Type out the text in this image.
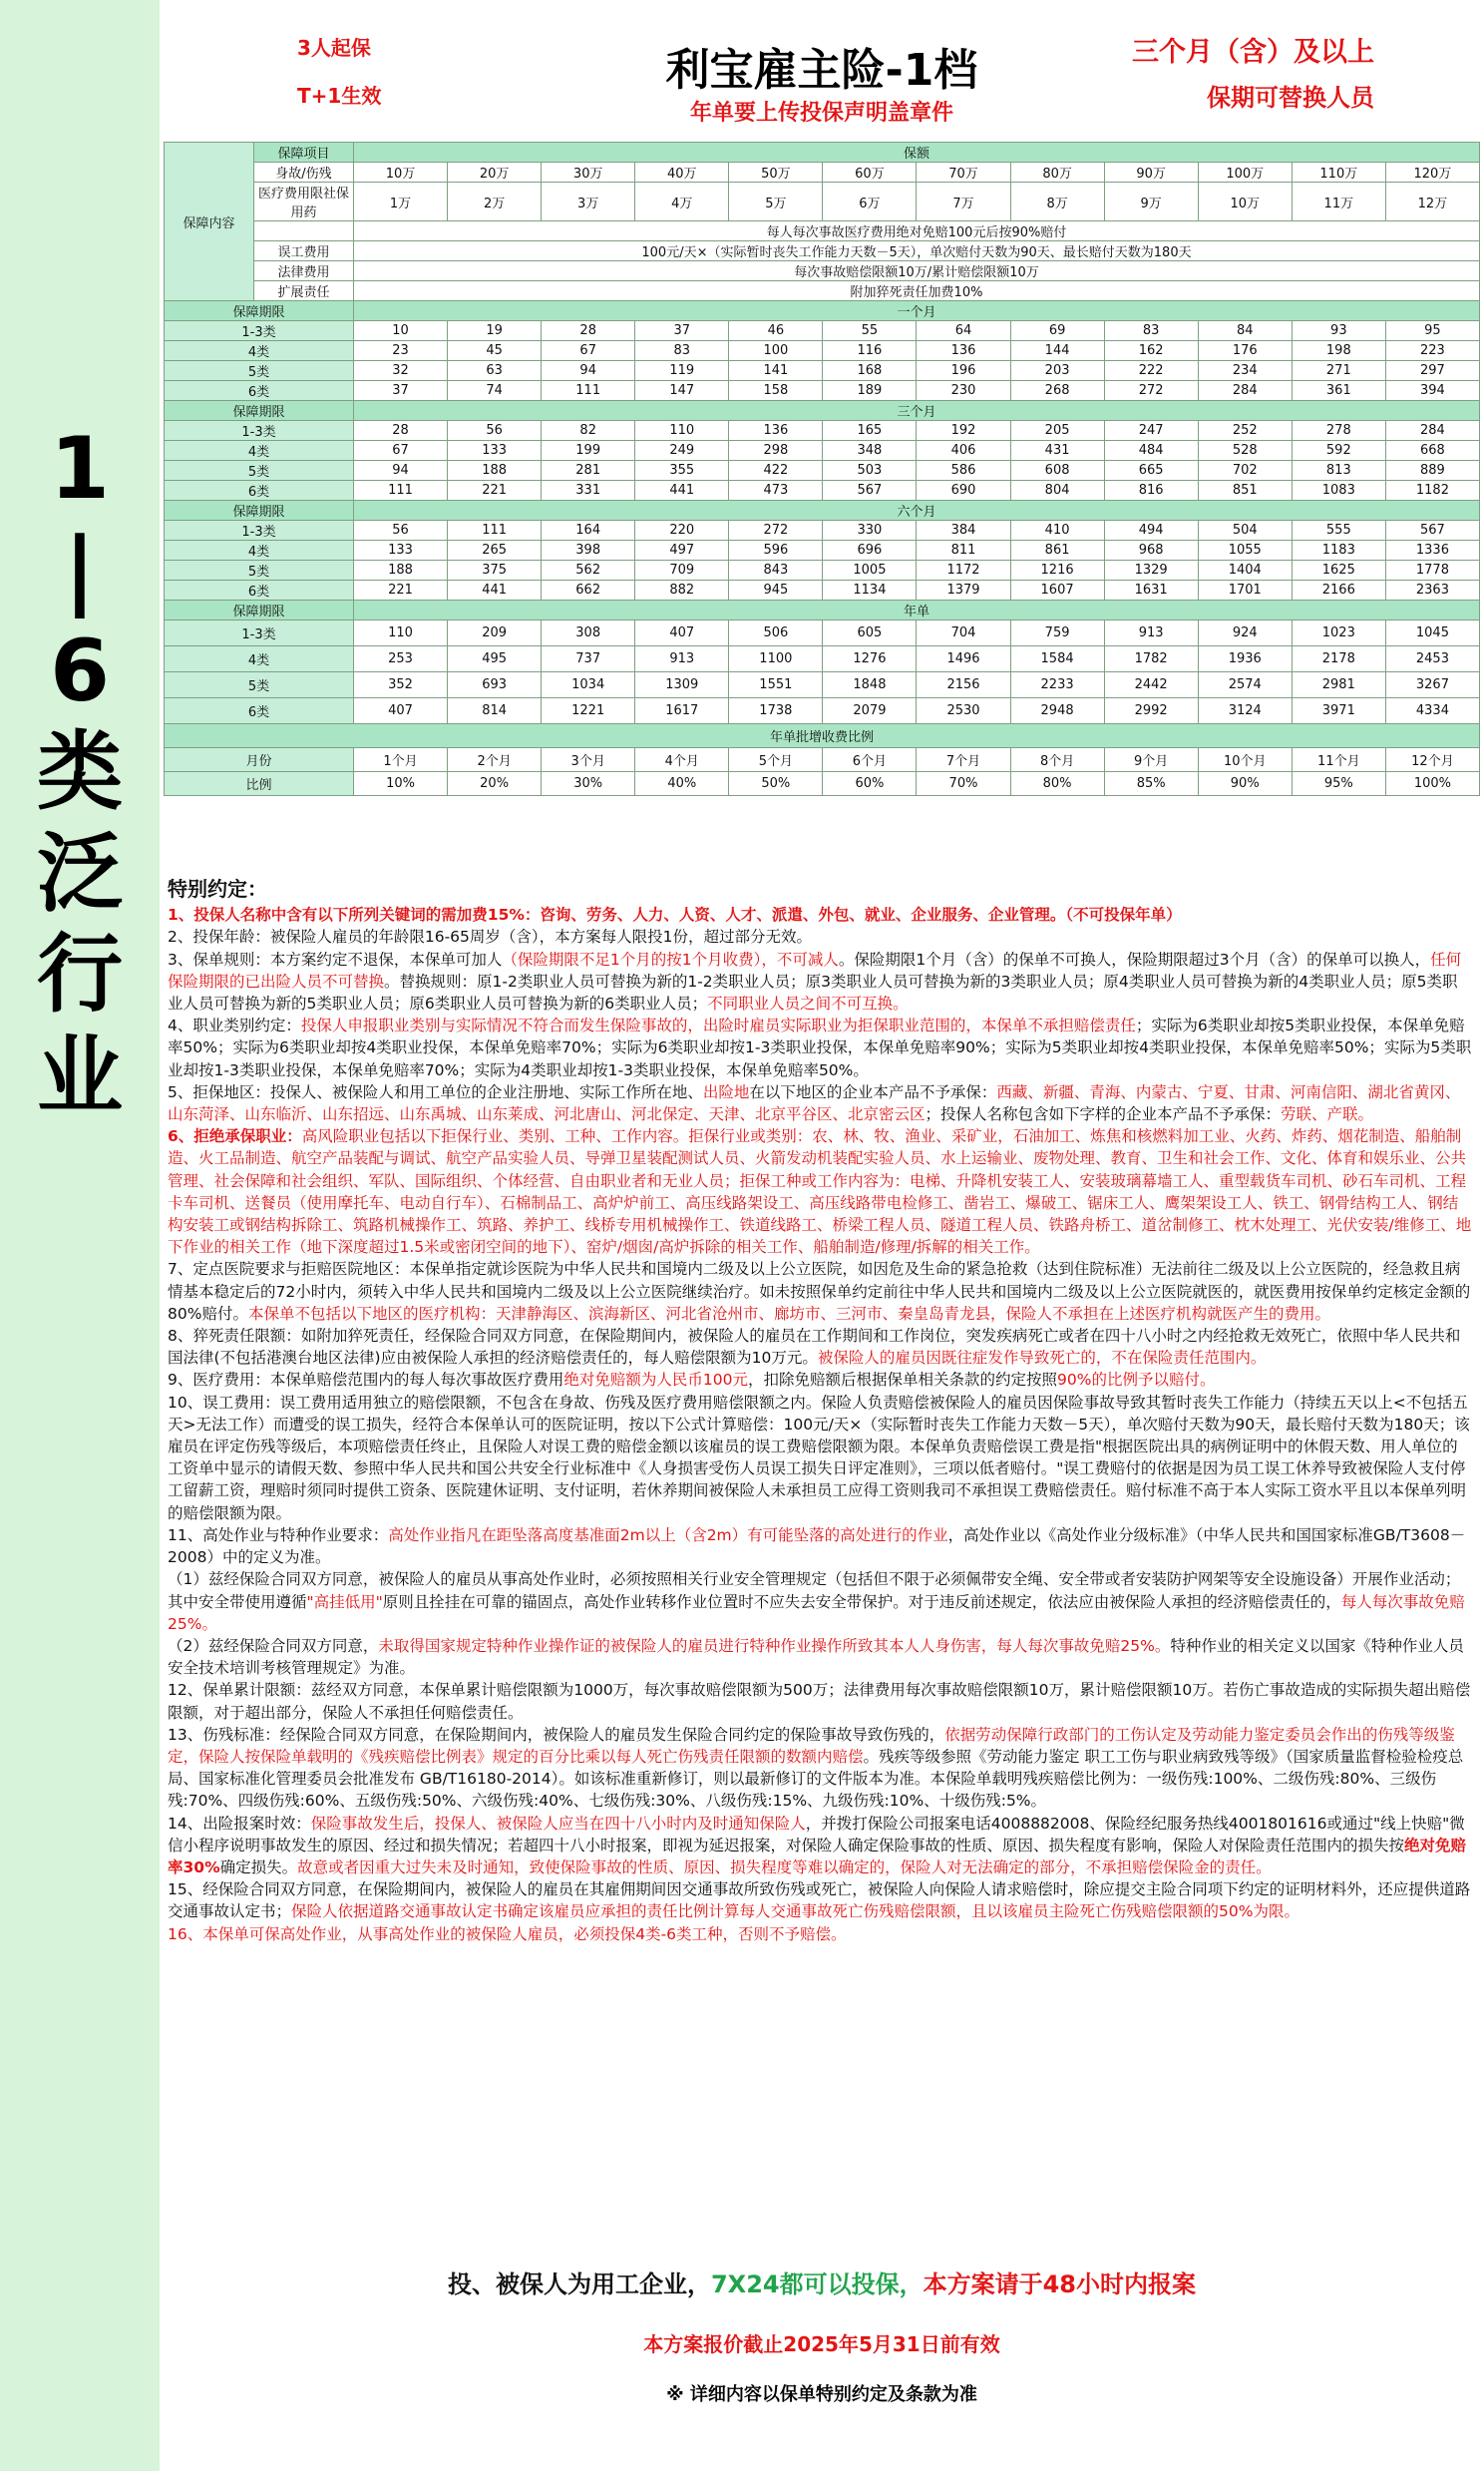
3人起保
T+1生效	利宝雇主险-1档
年单要上传投保声明盖章件
三个月（含）及以上
保期可替换人员
1
|
6
类
泛
行
业
保障内容	保障项目	保额											
	身故/伤残	10万	20万	30万	40万	50万	60万	70万	80万	90万	100万	110万	120万
	医疗费用限社保用药	1万	2万	3万	4万	5万	6万	7万	8万	9万	10万	11万	12万
		每人每次事故医疗费用绝对免赔100元后按90%赔付											
	误工费用	100元/天×（实际暂时丧失工作能力天数－5天），单次赔付天数为90天、最长赔付天数为180天											
	法律费用	每次事故赔偿限额10万/累计赔偿限额10万											
	扩展责任	附加猝死责任加费10%											
保障期限		一个月											
1-3类		10	19	28	37	46	55	64	69	83	84	93	95
4类		23	45	67	83	100	116	136	144	162	176	198	223
5类		32	63	94	119	141	168	196	203	222	234	271	297
6类		37	74	111	147	158	189	230	268	272	284	361	394
保障期限		三个月											
1-3类		28	56	82	110	136	165	192	205	247	252	278	284
4类		67	133	199	249	298	348	406	431	484	528	592	668
5类		94	188	281	355	422	503	586	608	665	702	813	889
6类		111	221	331	441	473	567	690	804	816	851	1083	1182
保障期限		六个月											
1-3类		56	111	164	220	272	330	384	410	494	504	555	567
4类		133	265	398	497	596	696	811	861	968	1055	1183	1336
5类		188	375	562	709	843	1005	1172	1216	1329	1404	1625	1778
6类		221	441	662	882	945	1134	1379	1607	1631	1701	2166	2363
保障期限		年单											
1-3类		110	209	308	407	506	605	704	759	913	924	1023	1045
4类		253	495	737	913	1100	1276	1496	1584	1782	1936	2178	2453
5类		352	693	1034	1309	1551	1848	2156	2233	2442	2574	2981	3267
6类		407	814	1221	1617	1738	2079	2530	2948	2992	3124	3971	4334
年单批增收费比例													
月份		1个月	2个月	3个月	4个月	5个月	6个月	7个月	8个月	9个月	10个月	11个月	12个月
比例		10%	20%	30%	40%	50%	60%	70%	80%	85%	90%	95%	100%

特别约定：

1、投保人名称中含有以下所列关键词的需加费15%：咨询、劳务、人力、人资、人才、派遣、外包、就业、企业服务、企业管理。（不可投保年单）

2、投保年龄：被保险人雇员的年龄限16-65周岁（含），本方案每人限投1份，超过部分无效。

3、保单规则：本方案约定不退保，本保单可加人（保险期限不足1个月的按1个月收费），不可减人。保险期限1个月（含）的保单不可换人，保险期限超过3个月（含）的保单可以换人，任何保险期限的已出险人员不可替换。替换规则：原1-2类职业人员可替换为新的1-2类职业人员；原3类职业人员可替换为新的3类职业人员；原4类职业人员可替换为新的4类职业人员；原5类职业人员可替换为新的5类职业人员；原6类职业人员可替换为新的6类职业人员；不同职业人员之间不可互换。

4、职业类别约定：投保人申报职业类别与实际情况不符合而发生保险事故的，出险时雇员实际职业为拒保职业范围的，本保单不承担赔偿责任；实际为6类职业却按5类职业投保，本保单免赔率50%；实际为6类职业却按4类职业投保，本保单免赔率70%；实际为6类职业却按1-3类职业投保，本保单免赔率90%；实际为5类职业却按4类职业投保，本保单免赔率50%；实际为5类职业却按1-3类职业投保，本保单免赔率70%；实际为4类职业却按1-3类职业投保，本保单免赔率50%。

5、拒保地区：投保人、被保险人和用工单位的企业注册地、实际工作所在地、出险地在以下地区的企业本产品不予承保：西藏、新疆、青海、内蒙古、宁夏、甘肃、河南信阳、湖北省黄冈、山东菏泽、山东临沂、山东招远、山东禹城、山东莱成、河北唐山、河北保定、天津、北京平谷区、北京密云区；投保人名称包含如下字样的企业本产品不予承保：劳联、产联。

6、拒绝承保职业：高风险职业包括以下拒保行业、类别、工种、工作内容。拒保行业或类别：农、林、牧、渔业、采矿业，石油加工、炼焦和核燃料加工业、火药、炸药、烟花制造、船舶制造、火工品制造、航空产品装配与调试、航空产品实验人员、导弹卫星装配测试人员、火箭发动机装配实验人员、水上运输业、废物处理、教育、卫生和社会工作、文化、体育和娱乐业、公共管理、社会保障和社会组织、军队、国际组织、个体经营、自由职业者和无业人员；拒保工种或工作内容为：电梯、升降机安装工人、安装玻璃幕墙工人、重型载货车司机、砂石车司机、工程卡车司机、送餐员（使用摩托车、电动自行车）、石棉制品工、高炉炉前工、高压线路架设工、高压线路带电检修工、凿岩工、爆破工、锯床工人、鹰架架设工人、铁工、钢骨结构工人、钢结构安装工或钢结构拆除工、筑路机械操作工、筑路、养护工、线桥专用机械操作工、铁道线路工、桥梁工程人员、隧道工程人员、铁路舟桥工、道岔制修工、枕木处理工、光伏安装/维修工、地下作业的相关工作（地下深度超过1.5米或密闭空间的地下）、窑炉/烟囱/高炉拆除的相关工作、船舶制造/修理/拆解的相关工作。

7、定点医院要求与拒赔医院地区：本保单指定就诊医院为中华人民共和国境内二级及以上公立医院，如因危及生命的紧急抢救（达到住院标准）无法前往二级及以上公立医院的，经急救且病情基本稳定后的72小时内，须转入中华人民共和国境内二级及以上公立医院继续治疗。如未按照保单约定前往中华人民共和国境内二级及以上公立医院就医的，就医费用按保单约定核定金额的80%赔付。本保单不包括以下地区的医疗机构：天津静海区、滨海新区、河北省沧州市、廊坊市、三河市、秦皇岛青龙县，保险人不承担在上述医疗机构就医产生的费用。

8、猝死责任限额：如附加猝死责任，经保险合同双方同意，在保险期间内，被保险人的雇员在工作期间和工作岗位，突发疾病死亡或者在四十八小时之内经抢救无效死亡，依照中华人民共和国法律(不包括港澳台地区法律)应由被保险人承担的经济赔偿责任的，每人赔偿限额为10万元。被保险人的雇员因既往症发作导致死亡的，不在保险责任范围内。

9、医疗费用：本保单赔偿范围内的每人每次事故医疗费用绝对免赔额为人民币100元，扣除免赔额后根据保单相关条款的约定按照90%的比例予以赔付。

10、误工费用：误工费用适用独立的赔偿限额，不包含在身故、伤残及医疗费用赔偿限额之内。保险人负责赔偿被保险人的雇员因保险事故导致其暂时丧失工作能力（持续五天以上<不包括五天>无法工作）而遭受的误工损失，经符合本保单认可的医院证明，按以下公式计算赔偿：100元/天×（实际暂时丧失工作能力天数－5天），单次赔付天数为90天，最长赔付天数为180天；该雇员在评定伤残等级后，本项赔偿责任终止，且保险人对误工费的赔偿金额以该雇员的误工费赔偿限额为限。本保单负责赔偿误工费是指"根据医院出具的病例证明中的休假天数、用人单位的工资单中显示的请假天数、参照中华人民共和国公共安全行业标准中《人身损害受伤人员误工损失日评定准则》，三项以低者赔付。"误工费赔付的依据是因为员工误工休养导致被保险人支付停工留薪工资，理赔时须同时提供工资条、医院建休证明、支付证明，若休养期间被保险人未承担员工应得工资则我司不承担误工费赔偿责任。赔付标准不高于本人实际工资水平且以本保单列明的赔偿限额为限。

11、高处作业与特种作业要求：高处作业指凡在距坠落高度基准面2m以上（含2m）有可能坠落的高处进行的作业，高处作业以《高处作业分级标准》（中华人民共和国国家标准GB/T3608－2008）中的定义为准。

（1）兹经保险合同双方同意，被保险人的雇员从事高处作业时，必须按照相关行业安全管理规定（包括但不限于必须佩带安全绳、安全带或者安装防护网架等安全设施设备）开展作业活动；其中安全带使用遵循"高挂低用"原则且拴挂在可靠的锚固点，高处作业转移作业位置时不应失去安全带保护。对于违反前述规定，依法应由被保险人承担的经济赔偿责任的，每人每次事故免赔25%。

（2）兹经保险合同双方同意，未取得国家规定特种作业操作证的被保险人的雇员进行特种作业操作所致其本人人身伤害，每人每次事故免赔25%。特种作业的相关定义以国家《特种作业人员安全技术培训考核管理规定》为准。

12、保单累计限额：兹经双方同意，本保单累计赔偿限额为1000万，每次事故赔偿限额为500万；法律费用每次事故赔偿限额10万，累计赔偿限额10万。若伤亡事故造成的实际损失超出赔偿限额，对于超出部分，保险人不承担任何赔偿责任。

13、伤残标准：经保险合同双方同意，在保险期间内，被保险人的雇员发生保险合同约定的保险事故导致伤残的，依据劳动保障行政部门的工伤认定及劳动能力鉴定委员会作出的伤残等级鉴定，保险人按保险单载明的《残疾赔偿比例表》规定的百分比乘以每人死亡伤残责任限额的数额内赔偿。残疾等级参照《劳动能力鉴定 职工工伤与职业病致残等级》（国家质量监督检验检疫总局、国家标准化管理委员会批准发布 GB/T16180-2014）。如该标准重新修订，则以最新修订的文件版本为准。本保险单载明残疾赔偿比例为：一级伤残:100%、二级伤残:80%、三级伤残:70%、四级伤残:60%、五级伤残:50%、六级伤残:40%、七级伤残:30%、八级伤残:15%、九级伤残:10%、十级伤残:5%。

14、出险报案时效：保险事故发生后，投保人、被保险人应当在四十八小时内及时通知保险人，并拨打保险公司报案电话4008882008、保险经纪服务热线4001801616或通过"线上快赔"微信小程序说明事故发生的原因、经过和损失情况；若超四十八小时报案，即视为延迟报案，对保险人确定保险事故的性质、原因、损失程度有影响，保险人对保险责任范围内的损失按绝对免赔率30%确定损失。故意或者因重大过失未及时通知，致使保险事故的性质、原因、损失程度等难以确定的，保险人对无法确定的部分，不承担赔偿保险金的责任。

15、经保险合同双方同意，在保险期间内，被保险人的雇员在其雇佣期间因交通事故所致伤残或死亡，被保险人向保险人请求赔偿时，除应提交主险合同项下约定的证明材料外，还应提供道路交通事故认定书；保险人依据道路交通事故认定书确定该雇员应承担的责任比例计算每人交通事故死亡伤残赔偿限额，且以该雇员主险死亡伤残赔偿限额的50%为限。

16、本保单可保高处作业，从事高处作业的被保险人雇员，必须投保4类-6类工种，否则不予赔偿。

投、被保人为用工企业，7X24都可以投保，本方案请于48小时内报案
本方案报价截止2025年5月31日前有效
※ 详细内容以保单特别约定及条款为准
